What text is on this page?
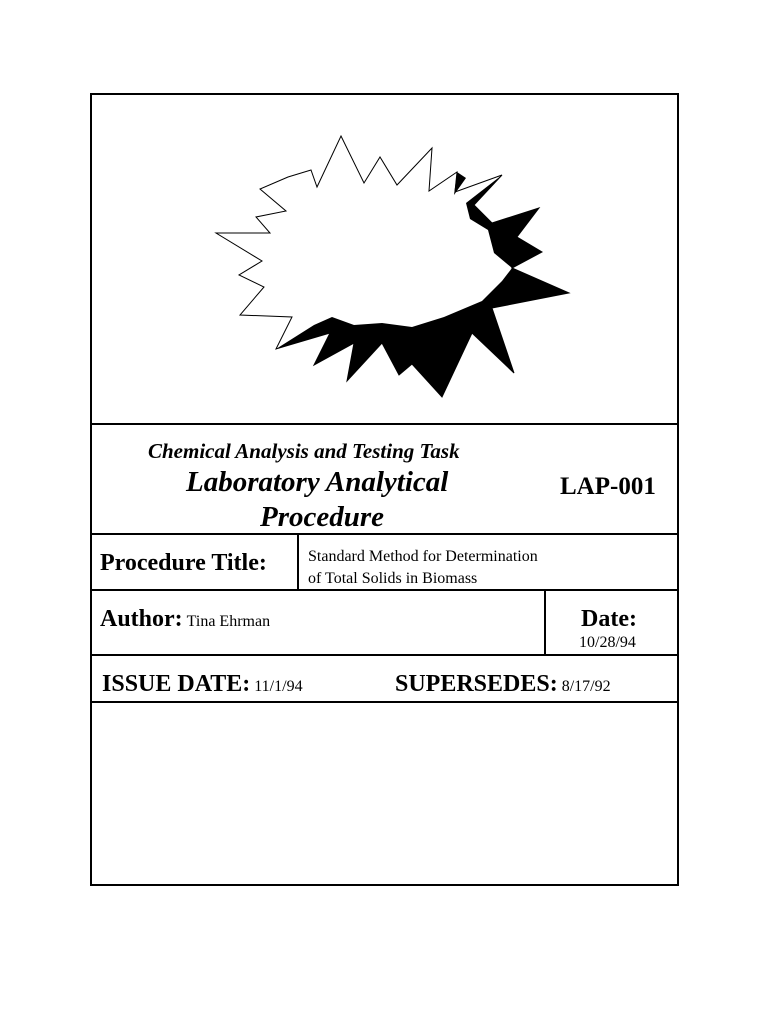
Chemical Analysis and Testing Task
Laboratory Analytical
Procedure
LAP-001
Procedure Title:	Standard Method for Determination
of Total Solids in Biomass
Author: Tina Ehrman	Date:
10/28/94
ISSUE DATE: 11/1/94	SUPERSEDES: 8/17/92
